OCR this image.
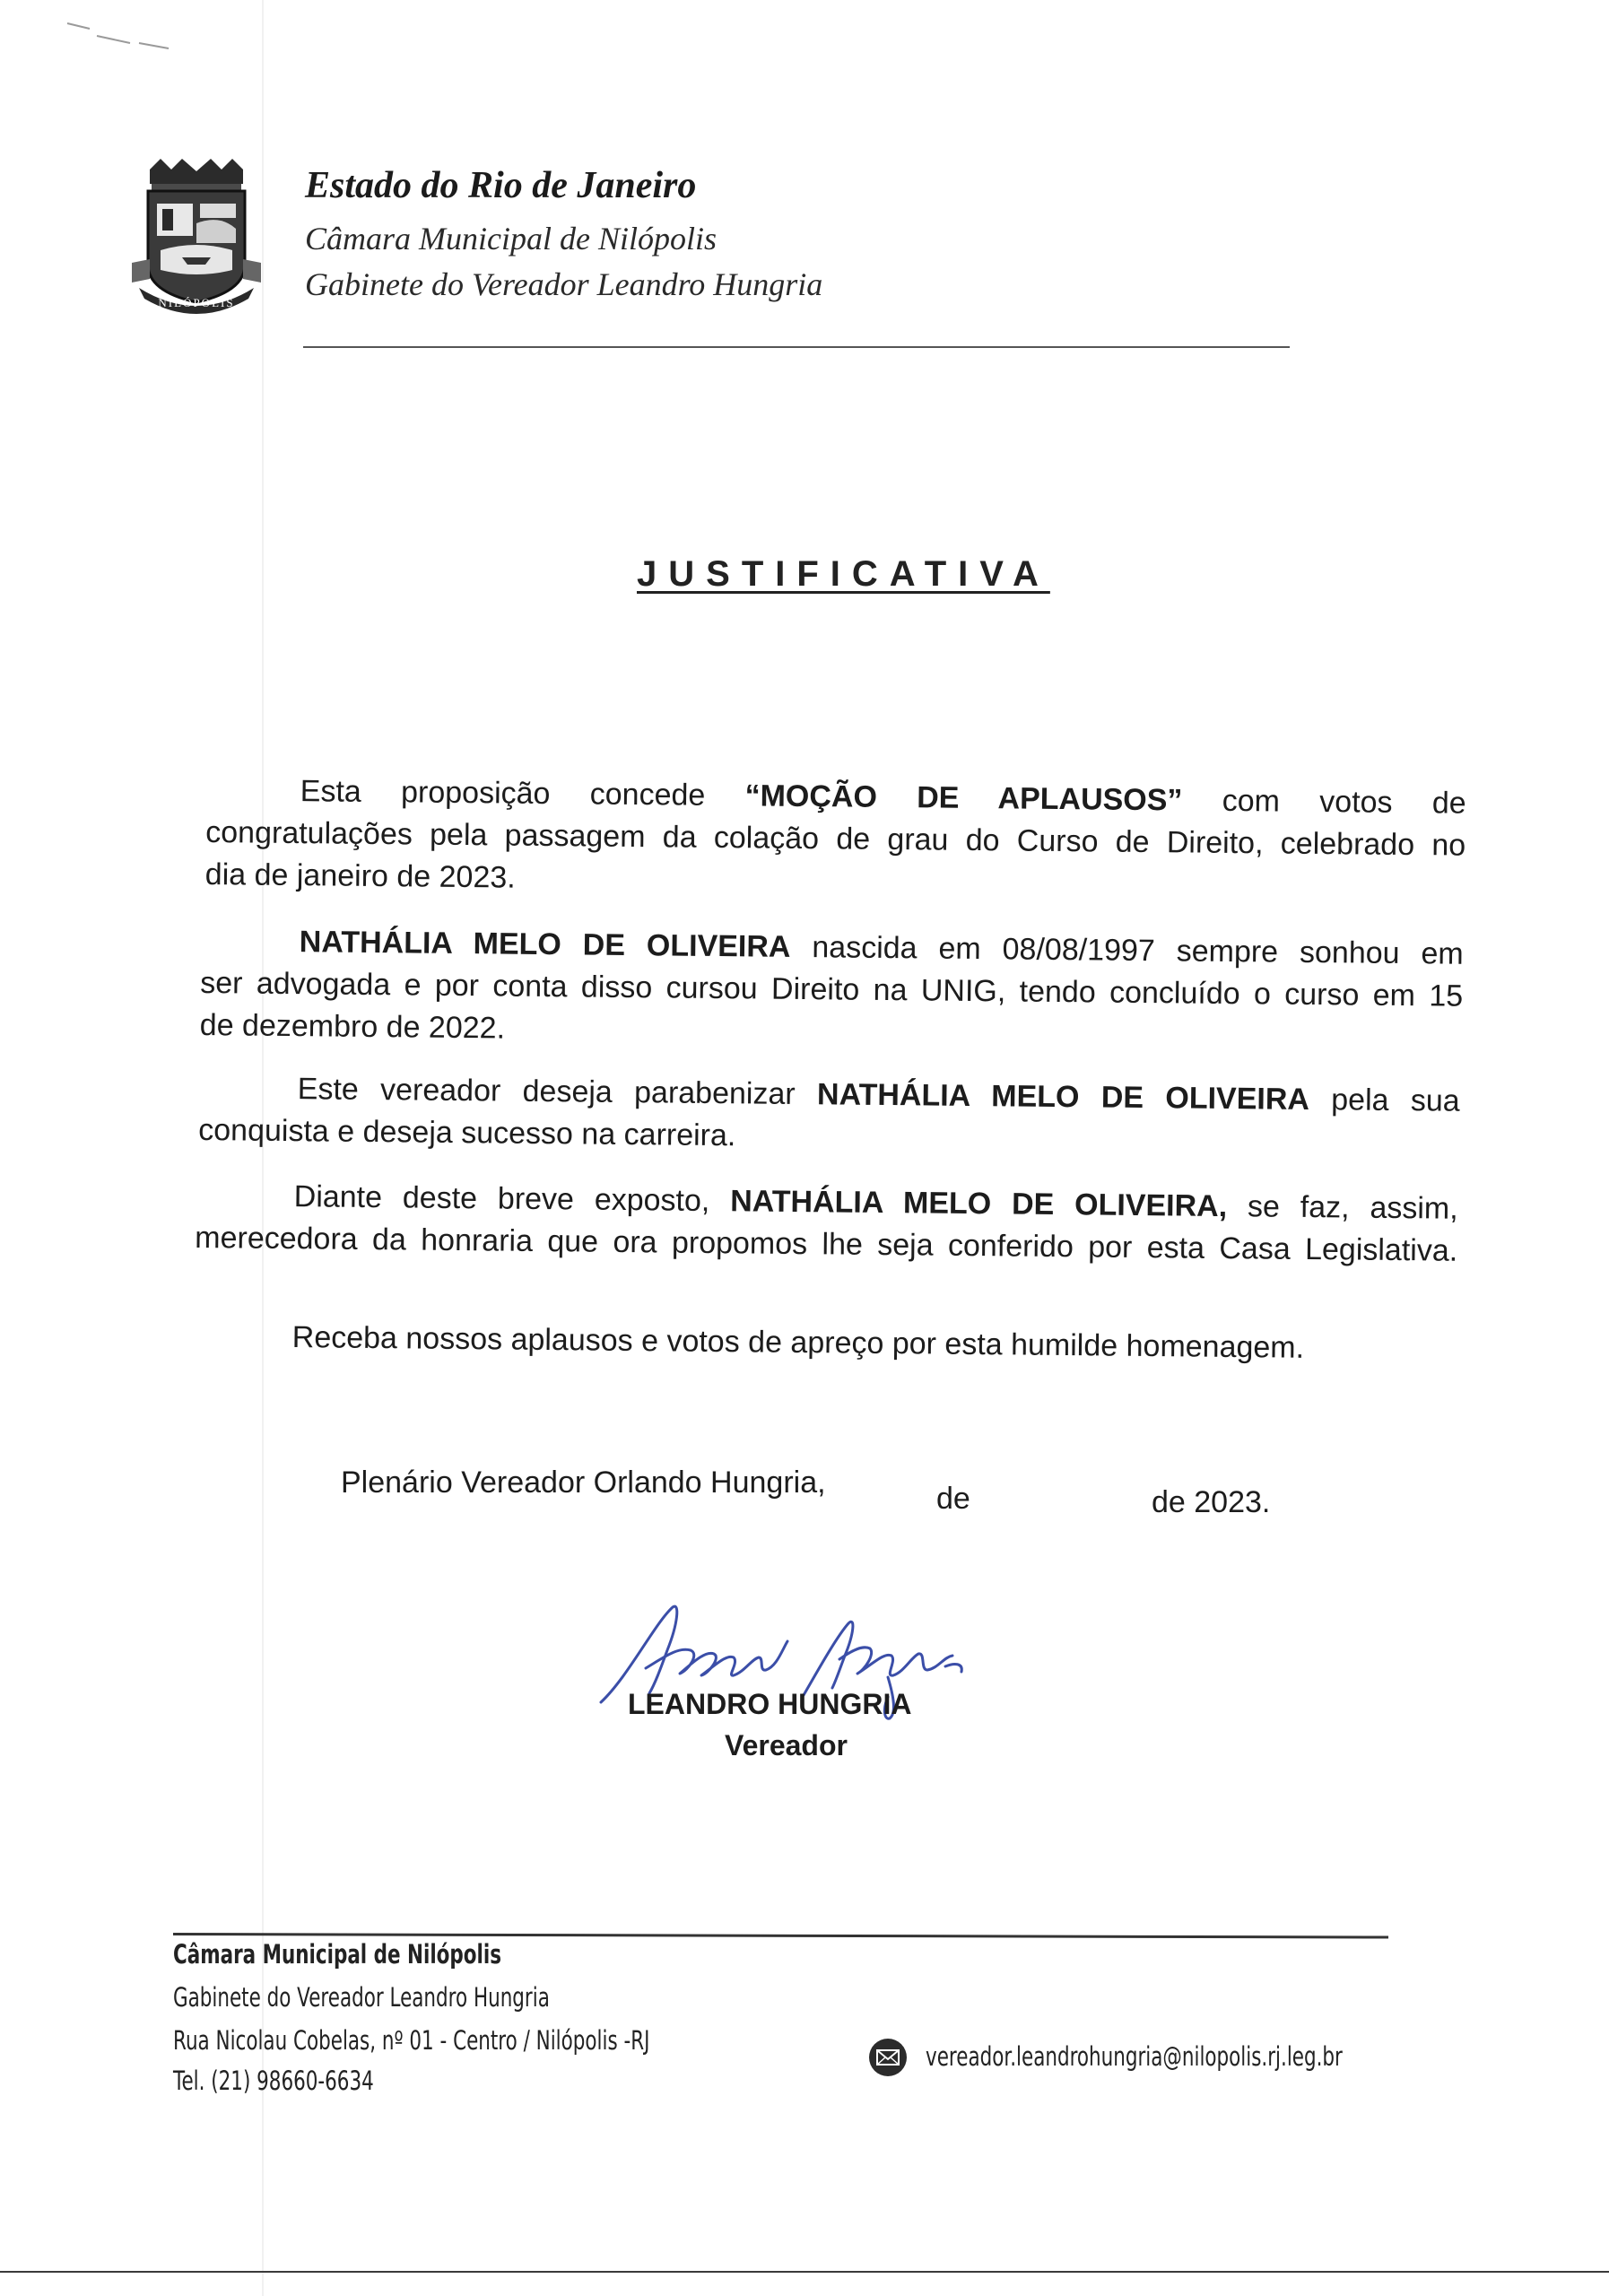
NILÓPOLIS
Estado do Rio de Janeiro
Câmara Municipal de Nilópolis
Gabinete do Vereador Leandro Hungria
JUSTIFICATIVA
Esta proposição concede “MOÇÃO DE APLAUSOS” com votos de
congratulações pela passagem da colação de grau do Curso de Direito, celebrado no
dia de janeiro de 2023.
NATHÁLIA MELO DE OLIVEIRA nascida em 08/08/1997 sempre sonhou em
ser advogada e por conta disso cursou Direito na UNIG, tendo concluído o curso em 15
de dezembro de 2022.
Este vereador deseja parabenizar NATHÁLIA MELO DE OLIVEIRA pela sua
conquista e deseja sucesso na carreira.
Diante deste breve exposto, NATHÁLIA MELO DE OLIVEIRA, se faz, assim,
merecedora da honraria que ora propomos lhe seja conferido por esta Casa Legislativa.
Receba nossos aplausos e votos de apreço por esta humilde homenagem.
Plenário Vereador Orlando Hungria,	de	de 2023.
LEANDRO HUNGRIA
Vereador
Câmara Municipal de Nilópolis
Gabinete do Vereador Leandro Hungria
Rua Nicolau Cobelas, nº 01 - Centro / Nilópolis -RJ
Tel. (21) 98660-6634
vereador.leandrohungria@nilopolis.rj.leg.br
